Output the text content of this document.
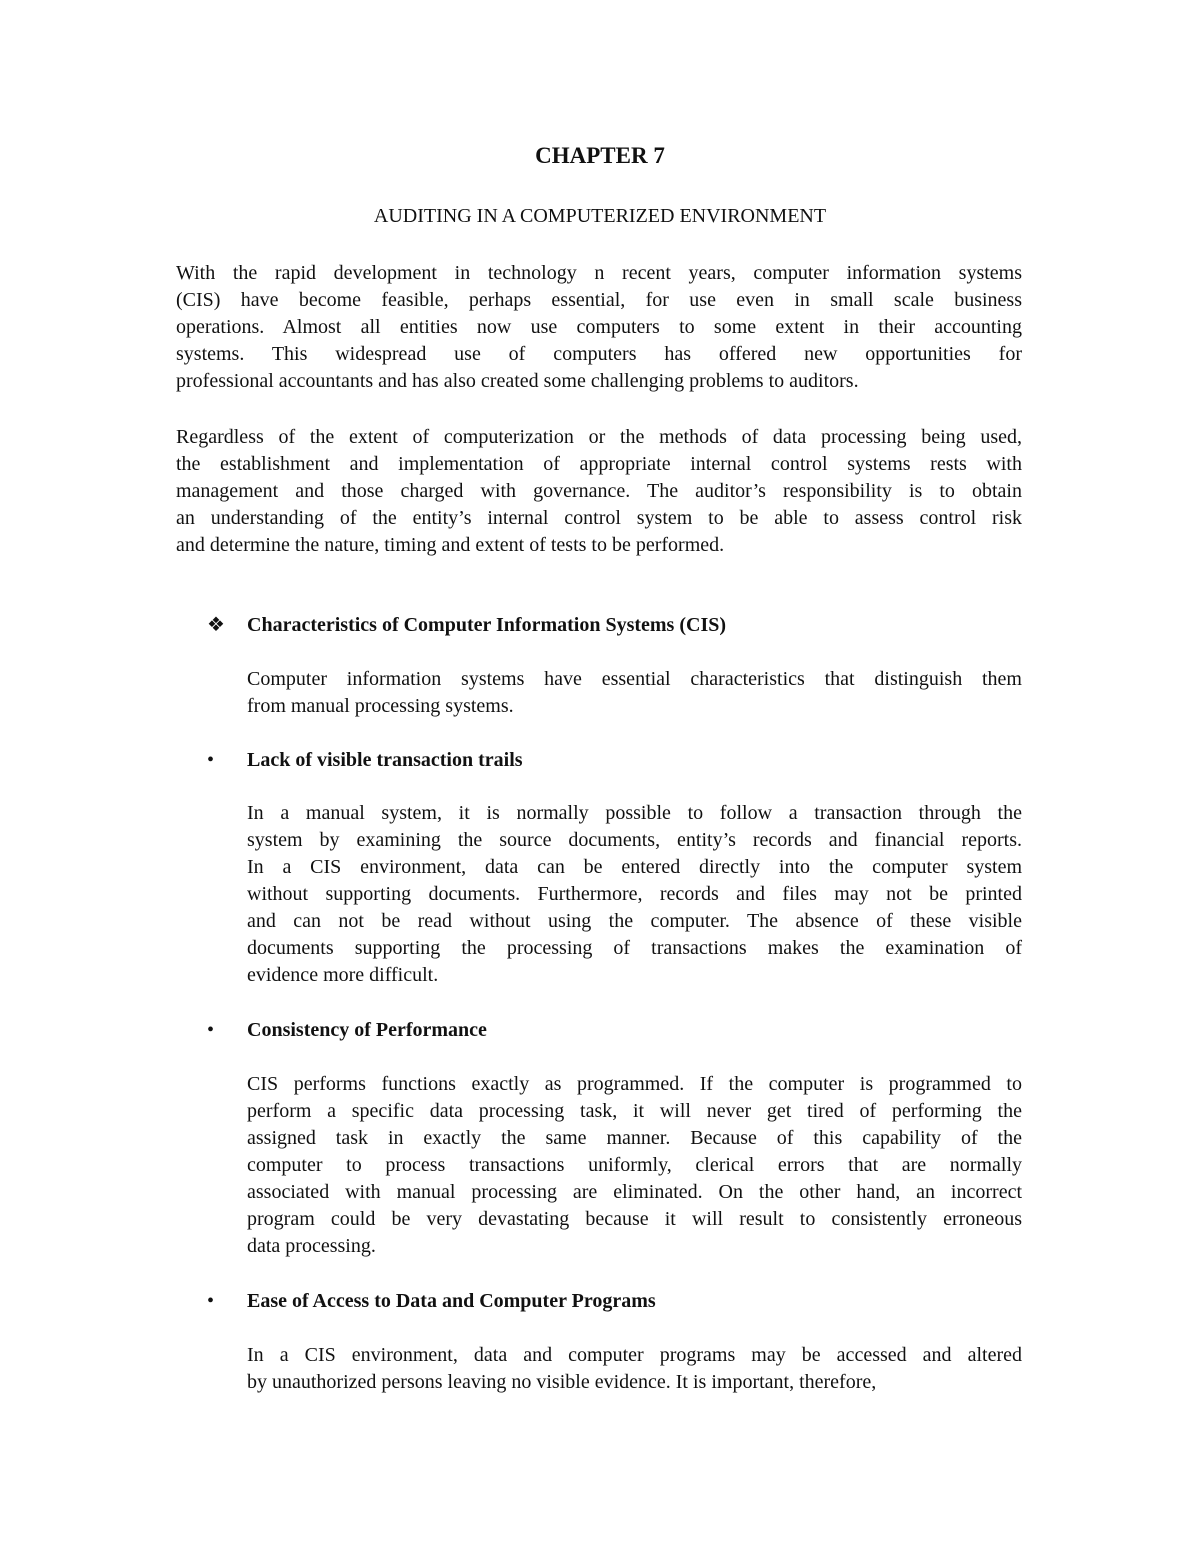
CHAPTER 7
AUDITING IN A COMPUTERIZED ENVIRONMENT
With the rapid development in technology n recent years, computer information systems
(CIS) have become feasible, perhaps essential, for use even in small scale business
operations. Almost all entities now use computers to some extent in their accounting
systems. This widespread use of computers has offered new opportunities for
professional accountants and has also created some challenging problems to auditors.
Regardless of the extent of computerization or the methods of data processing being used,
the establishment and implementation of appropriate internal control systems rests with
management and those charged with governance. The auditor’s responsibility is to obtain
an understanding of the entity’s internal control system to be able to assess control risk
and determine the nature, timing and extent of tests to be performed.
❖ Characteristics of Computer Information Systems (CIS)
Computer information systems have essential characteristics that distinguish them
from manual processing systems.
• Lack of visible transaction trails
In a manual system, it is normally possible to follow a transaction through the
system by examining the source documents, entity’s records and financial reports.
In a CIS environment, data can be entered directly into the computer system
without supporting documents. Furthermore, records and files may not be printed
and can not be read without using the computer. The absence of these visible
documents supporting the processing of transactions makes the examination of
evidence more difficult.
• Consistency of Performance
CIS performs functions exactly as programmed. If the computer is programmed to
perform a specific data processing task, it will never get tired of performing the
assigned task in exactly the same manner. Because of this capability of the
computer to process transactions uniformly, clerical errors that are normally
associated with manual processing are eliminated. On the other hand, an incorrect
program could be very devastating because it will result to consistently erroneous
data processing.
• Ease of Access to Data and Computer Programs
In a CIS environment, data and computer programs may be accessed and altered
by unauthorized persons leaving no visible evidence. It is important, therefore,
